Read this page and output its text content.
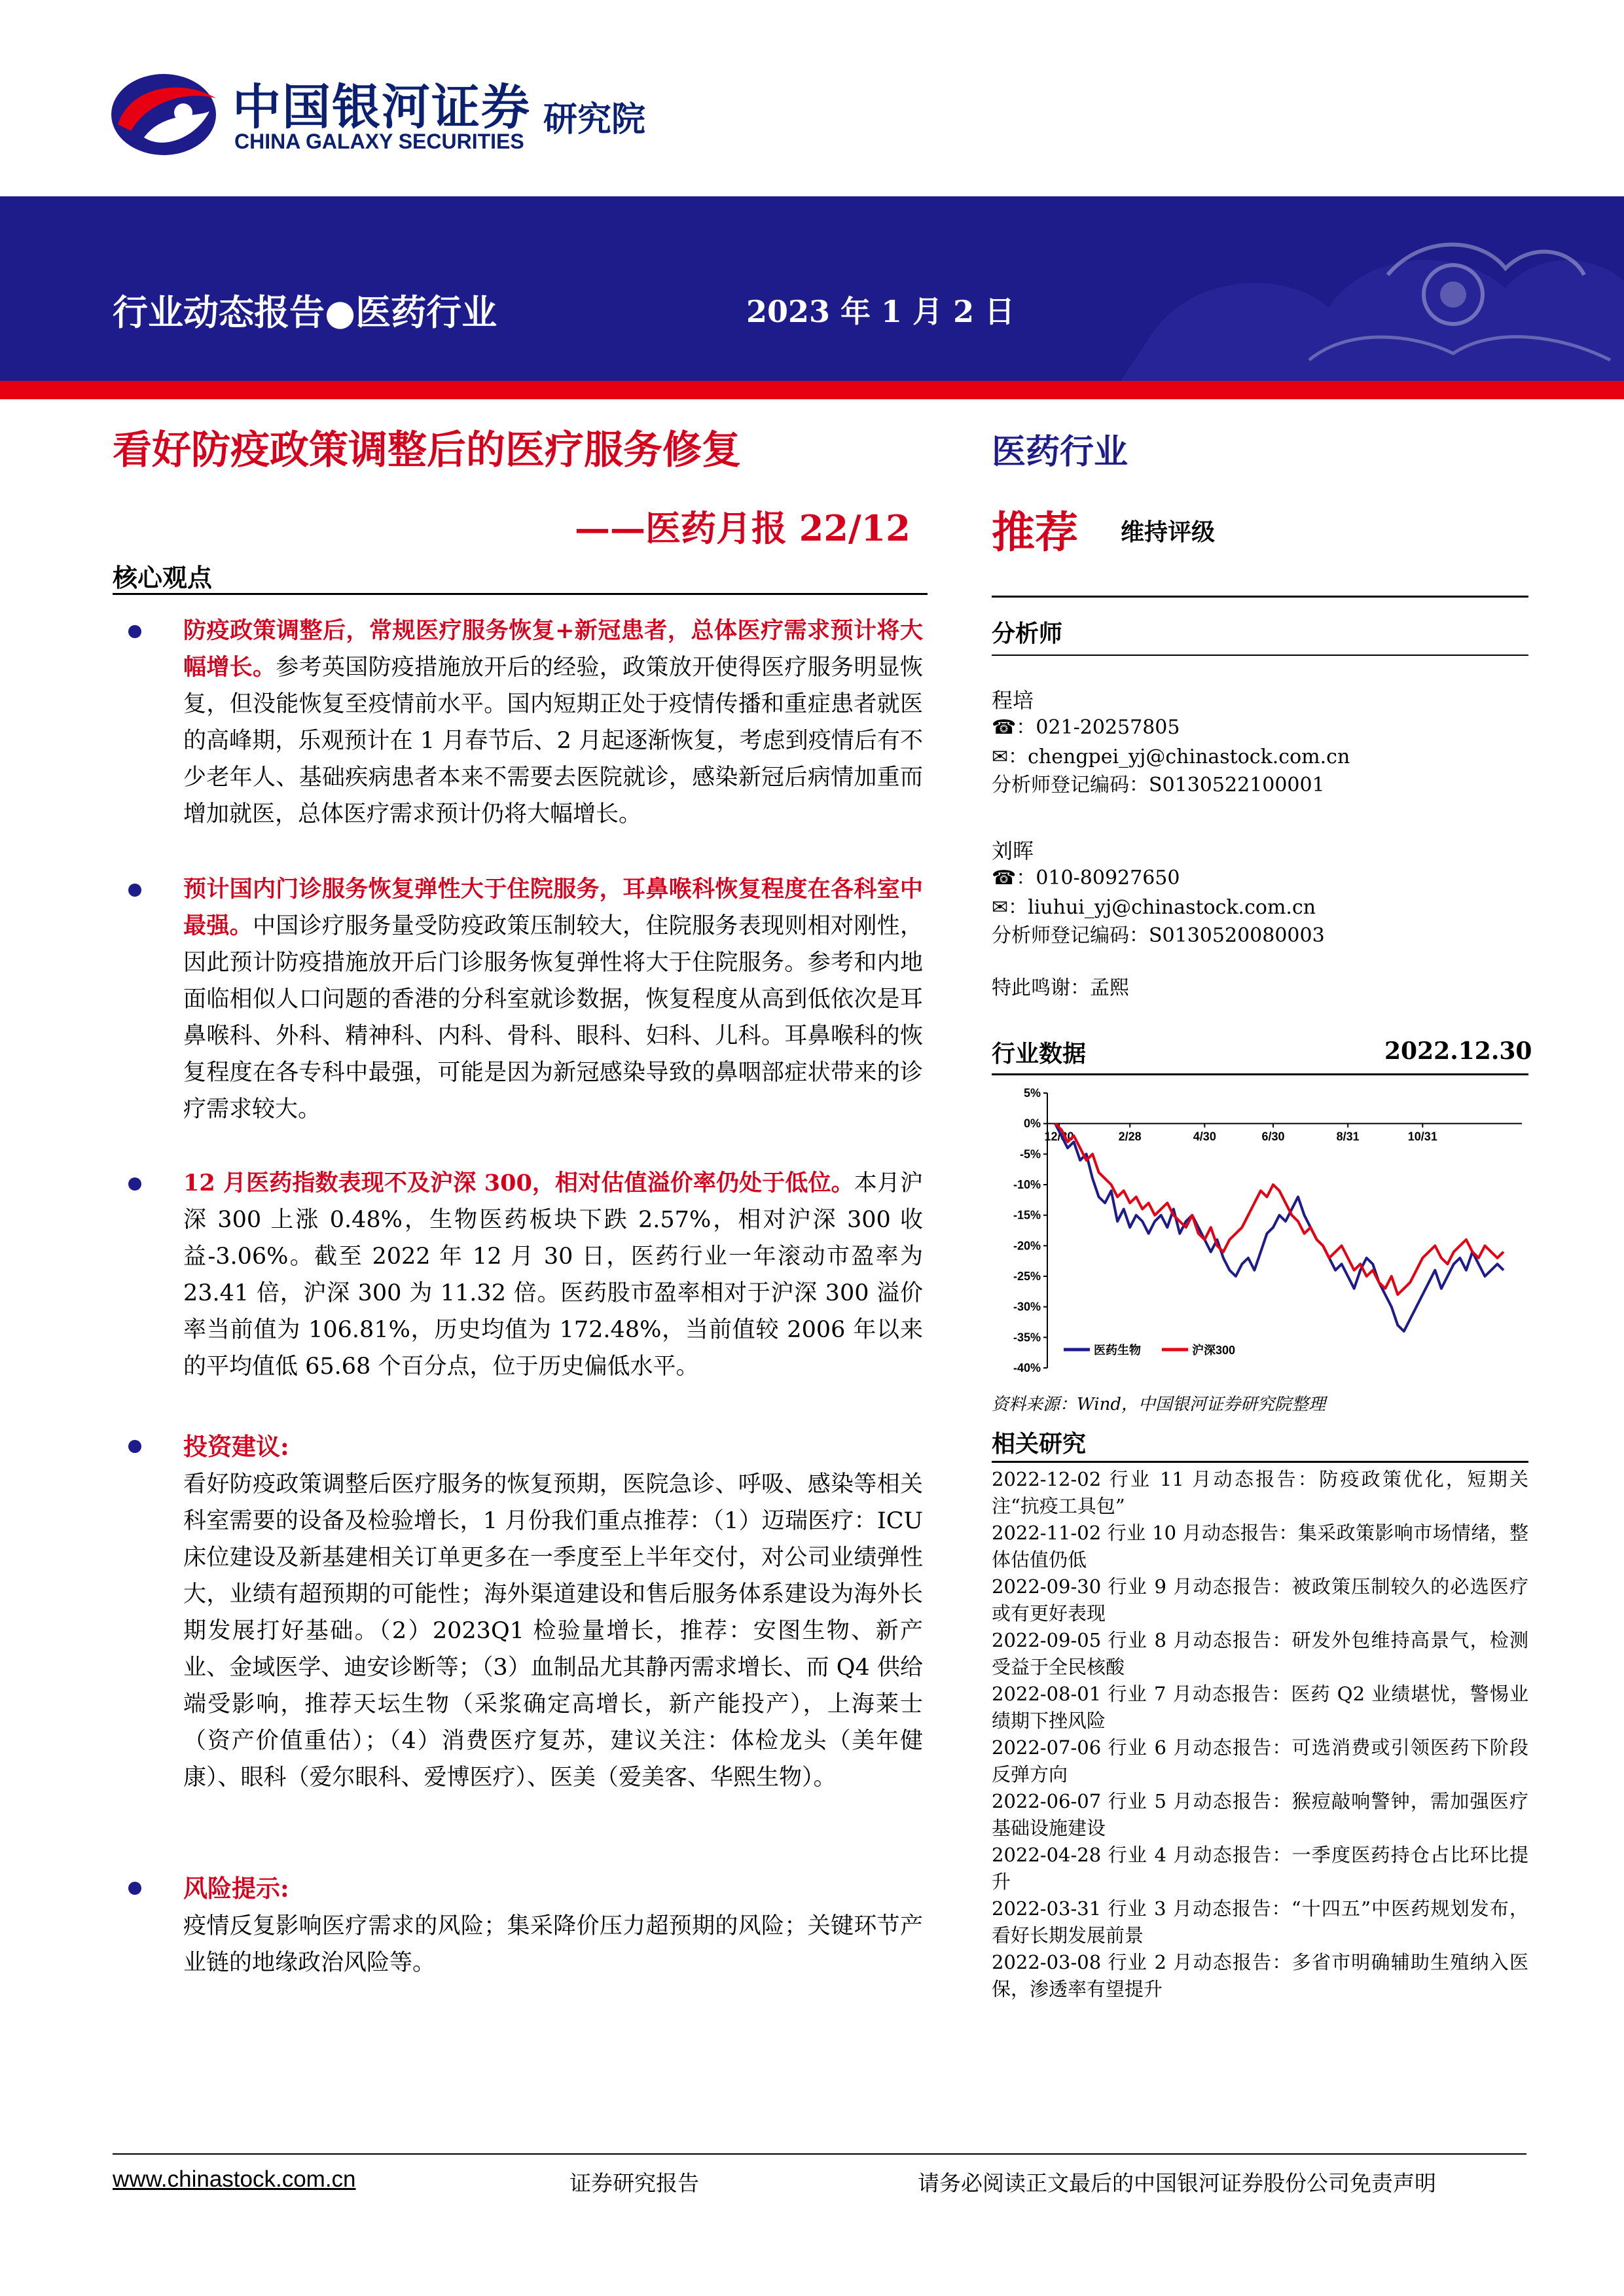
中国银河证券
CHINA GALAXY SECURITIES
研究院
行业动态报告●医药行业	2023 年 1 月 2 日
看好防疫政策调整后的医疗服务修复
——医药月报 22/12
医药行业
推荐 维持评级
核心观点
防疫政策调整后，常规医疗服务恢复+新冠患者，总体医疗需求预计将大幅增长。参考英国防疫措施放开后的经验，政策放开使得医疗服务明显恢复，但没能恢复至疫情前水平。国内短期正处于疫情传播和重症患者就医的高峰期，乐观预计在 1 月春节后、2 月起逐渐恢复，考虑到疫情后有不少老年人、基础疾病患者本来不需要去医院就诊，感染新冠后病情加重而增加就医，总体医疗需求预计仍将大幅增长。
预计国内门诊服务恢复弹性大于住院服务，耳鼻喉科恢复程度在各科室中最强。中国诊疗服务量受防疫政策压制较大，住院服务表现则相对刚性，因此预计防疫措施放开后门诊服务恢复弹性将大于住院服务。参考和内地面临相似人口问题的香港的分科室就诊数据，恢复程度从高到低依次是耳鼻喉科、外科、精神科、内科、骨科、眼科、妇科、儿科。耳鼻喉科的恢复程度在各专科中最强，可能是因为新冠感染导致的鼻咽部症状带来的诊疗需求较大。
12 月医药指数表现不及沪深 300，相对估值溢价率仍处于低位。本月沪深 300 上涨 0.48%，生物医药板块下跌 2.57%，相对沪深 300 收益-3.06%。截至 2022 年 12 月 30 日，医药行业一年滚动市盈率为 23.41 倍，沪深 300 为 11.32 倍。医药股市盈率相对于沪深 300 溢价率当前值为 106.81%，历史均值为 172.48%，当前值较 2006 年以来的平均值低 65.68 个百分点，位于历史偏低水平。
投资建议:
看好防疫政策调整后医疗服务的恢复预期，医院急诊、呼吸、感染等相关科室需要的设备及检验增长，1 月份我们重点推荐：（1）迈瑞医疗：ICU 床位建设及新基建相关订单更多在一季度至上半年交付，对公司业绩弹性大，业绩有超预期的可能性；海外渠道建设和售后服务体系建设为海外长期发展打好基础。（2）2023Q1 检验量增长，推荐：安图生物、新产业、金域医学、迪安诊断等；（3）血制品尤其静丙需求增长、而 Q4 供给端受影响，推荐天坛生物（采浆确定高增长，新产能投产），上海莱士（资产价值重估）；（4）消费医疗复苏，建议关注：体检龙头（美年健康）、眼科（爱尔眼科、爱博医疗）、医美（爱美客、华熙生物）。
风险提示:
疫情反复影响医疗需求的风险；集采降价压力超预期的风险；关键环节产业链的地缘政治风险等。
分析师
程培
☎：021-20257805
✉：chengpei_yj@chinastock.com.cn
分析师登记编码：S0130522100001
刘晖
☎：010-80927650
✉：liuhui_yj@chinastock.com.cn
分析师登记编码：S0130520080003
特此鸣谢：孟熙
行业数据	2022.12.30
5%
0%
-5%
-10%
-15%
-20%
-25%
-30%
-35%
-40%
12/30	2/28	4/30	6/30	8/31	10/31
医药生物	沪深300
资料来源：Wind，中国银河证券研究院整理
相关研究
2022-12-02 行业 11 月动态报告：防疫政策优化，短期关注“抗疫工具包”
2022-11-02 行业 10 月动态报告：集采政策影响市场情绪，整体估值仍低
2022-09-30 行业 9 月动态报告：被政策压制较久的必选医疗或有更好表现
2022-09-05 行业 8 月动态报告：研发外包维持高景气，检测受益于全民核酸
2022-08-01 行业 7 月动态报告：医药 Q2 业绩堪忧，警惕业绩期下挫风险
2022-07-06 行业 6 月动态报告：可选消费或引领医药下阶段反弹方向
2022-06-07 行业 5 月动态报告：猴痘敲响警钟，需加强医疗基础设施建设
2022-04-28 行业 4 月动态报告：一季度医药持仓占比环比提升
2022-03-31 行业 3 月动态报告：“十四五”中医药规划发布，看好长期发展前景
2022-03-08 行业 2 月动态报告：多省市明确辅助生殖纳入医保，渗透率有望提升
www.chinastock.com.cn	证券研究报告	请务必阅读正文最后的中国银河证券股份公司免责声明
